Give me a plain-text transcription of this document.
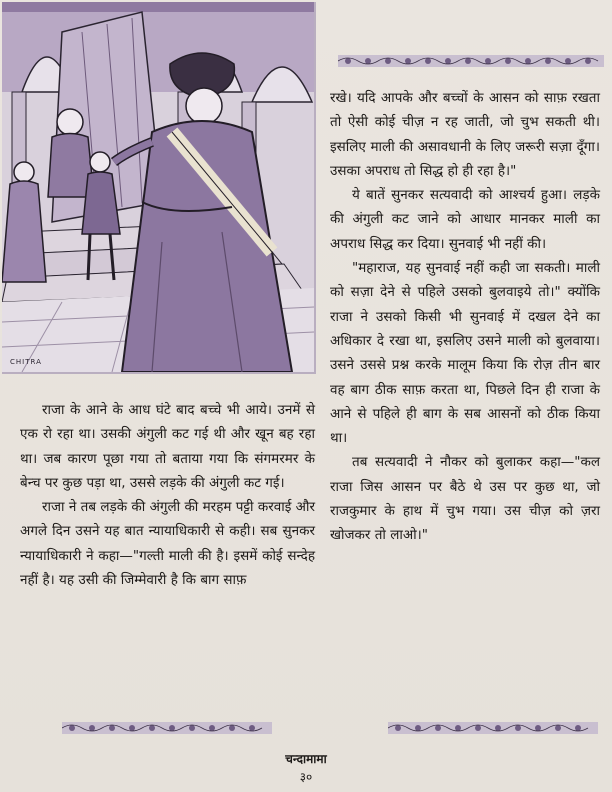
CHITRA

रखे। यदि आपके और बच्चों के आसन को साफ़ रखता तो ऐसी कोई चीज़ न रह जाती, जो चुभ सकती थी। इसलिए माली की असावधानी के लिए जरूरी सज़ा दूँगा। उसका अपराध तो सिद्ध हो ही रहा है।"

ये बातें सुनकर सत्यवादी को आश्चर्य हुआ। लड़के की अंगुली कट जाने को आधार मानकर माली का अपराध सिद्ध कर दिया। सुनवाई भी नहीं की।

"महाराज, यह सुनवाई नहीं कही जा सकती। माली को सज़ा देने से पहिले उसको बुलवाइये तो।" क्योंकि राजा ने उसको किसी भी सुनवाई में दखल देने का अधिकार दे रखा था, इसलिए उसने माली को बुलवाया। उसने उससे प्रश्न करके मालूम किया कि रोज़ तीन बार वह बाग ठीक साफ़ करता था, पिछले दिन ही राजा के आने से पहिले ही बाग के सब आसनों को ठीक किया था।

तब सत्यवादी ने नौकर को बुलाकर कहा—"कल राजा जिस आसन पर बैठे थे उस पर कुछ था, जो राजकुमार के हाथ में चुभ गया। उस चीज़ को ज़रा खोजकर तो लाओ।"

राजा के आने के आध घंटे बाद बच्चे भी आये। उनमें से एक रो रहा था। उसकी अंगुली कट गई थी और खून बह रहा था। जब कारण पूछा गया तो बताया गया कि संगमरमर के बेन्च पर कुछ पड़ा था, उससे लड़के की अंगुली कट गई।

राजा ने तब लड़के की अंगुली की मरहम पट्टी करवाई और अगले दिन उसने यह बात न्यायाधिकारी से कही। सब सुनकर न्यायाधिकारी ने कहा—"गल्ती माली की है। इसमें कोई सन्देह नहीं है। यह उसी की जिम्मेवारी है कि बाग साफ़

चन्दामामा
३०
